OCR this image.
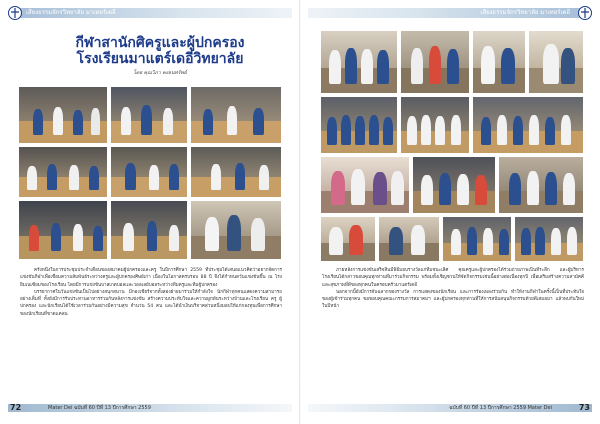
เสียงธรรมจักรวิทยาลัย มาเทอร์เดอี
กีฬาสานักศิครูและผู้ปกครอง
โรงเรียนมาแตร์เดอีวิทยาลัย
โดย คุณวิภา คงธนทรัพย์

ครั้งหนึ่งในการประชุมประจำเดือนของสมาคมผู้ปกครองและครู ในปีการศึกษา 2559 ที่ประชุมได้เสนอแนวคิดว่าอยากจัดการแข่งขันกีฬาเพื่อเชื่อมความสัมพันธ์ระหว่างครูและผู้ปกครองศิษย์เก่า เนื่องในโอกาสครบรอบ 88 ปี จึงได้กำหนดวันแข่งขันขึ้น ณ โรงยิมเนเซียมของโรงเรียน โดยมีการแข่งขันบาสเกตบอลและวอลเลย์บอลระหว่างทีมครูและทีมผู้ปกครอง

บรรยากาศในวันแข่งขันเป็นไปอย่างสนุกสนาน มีกองเชียร์จากทั้งสองฝ่ายมาร่วมให้กำลังใจ นักกีฬาทุกคนแสดงความสามารถอย่างเต็มที่ ทั้งยังมีการรับประทานอาหารร่วมกันหลังการแข่งขัน สร้างความประทับใจและความผูกพันระหว่างบ้านและโรงเรียน ครู ผู้ปกครอง และนักเรียนได้ใช้เวลาร่วมกันอย่างมีความสุข จำนวน 54 คน และได้นำเงินบริจาคส่วนหนึ่งมอบให้แก่กองทุนเพื่อการศึกษาของนักเรียนที่ขาดแคลน

72	Mater Dei ฉบับที่ 60 ปีที่ 13 ปีการศึกษา 2559
เสียงธรรมจักรวิทยาลัย มาเทอร์เดอี

ภายหลังการแข่งขันเสร็จสิ้นมีพิธีมอบรางวัลแก่ทีมชนะเลิศ คุณครูและผู้ปกครองได้ร่วมถ่ายภาพเป็นที่ระลึก และผู้บริหารโรงเรียนได้กล่าวขอบคุณทุกท่านที่มาร่วมกิจกรรม พร้อมทั้งเชิญชวนให้จัดกิจกรรมเช่นนี้อย่างต่อเนื่องทุกปี เพื่อเสริมสร้างความสามัคคีและสุขภาพที่ดีของทุกคนในครอบครัวมาแตร์เดอี

นอกจากนี้ยังมีการจับฉลากของรางวัล การแสดงของนักเรียน และการร้องเพลงร่วมกัน ทำให้งานกีฬาในครั้งนี้เป็นที่ประทับใจของผู้เข้าร่วมทุกคน ขอขอบคุณคณะกรรมการสมาคมฯ และผู้ปกครองทุกท่านที่ให้การสนับสนุนกิจกรรมด้วยดีเสมอมา แล้วพบกันใหม่ในปีหน้า

ฉบับที่ 60 ปีที่ 13 ปีการศึกษา 2559 Mater Dei	73
